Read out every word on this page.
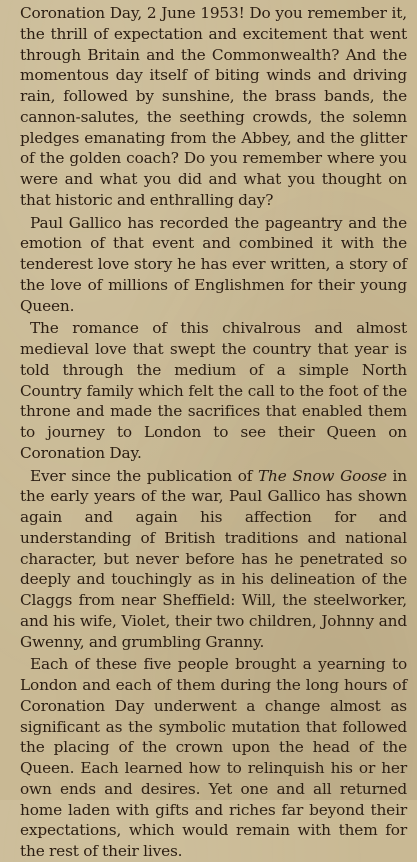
Coronation Day, 2 June 1953! Do you remember it, the thrill of expectation and excitement that went through Britain and the Commonwealth? And the momentous day itself of biting winds and driving rain, followed by sunshine, the brass bands, the cannon-salutes, the seething crowds, the solemn pledges emanating from the Abbey, and the glitter of the golden coach? Do you remember where you were and what you did and what you thought on that historic and enthralling day?

Paul Gallico has recorded the pageantry and the emotion of that event and combined it with the tenderest love story he has ever written, a story of the love of millions of Englishmen for their young Queen.

The romance of this chivalrous and almost medieval love that swept the country that year is told through the medium of a simple North Country family which felt the call to the foot of the throne and made the sacrifices that enabled them to journey to London to see their Queen on Coronation Day.

Ever since the publication of The Snow Goose in the early years of the war, Paul Gallico has shown again and again his affection for and understanding of British traditions and national character, but never before has he penetrated so deeply and touchingly as in his delineation of the Claggs from near Sheffield: Will, the steelworker, and his wife, Violet, their two children, Johnny and Gwenny, and grumbling Granny.

Each of these five people brought a yearning to London and each of them during the long hours of Coronation Day underwent a change almost as significant as the symbolic mutation that followed the placing of the crown upon the head of the Queen. Each learned how to relinquish his or her own ends and desires. Yet one and all returned home laden with gifts and riches far beyond their expectations, which would remain with them for the rest of their lives.
